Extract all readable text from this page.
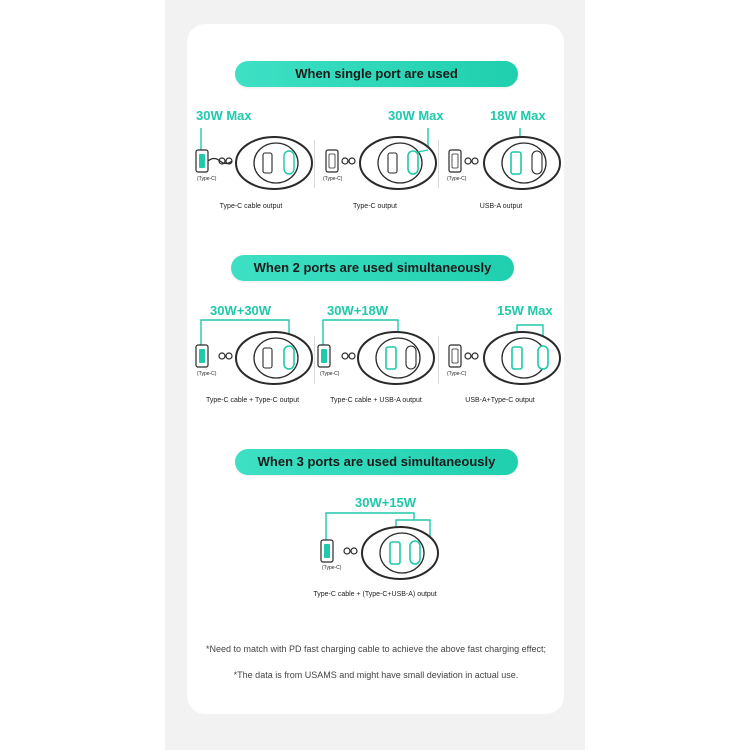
When single port are used
30W Max	30W Max	18W Max
(Type-C)	(Type-C)	(Type-C)
Type-C cable output	Type-C output	USB-A output
When 2 ports are used simultaneously
30W+30W	30W+18W	15W Max
(Type-C)	(Type-C)	(Type-C)
Type-C cable + Type-C output	Type-C cable + USB-A output	USB-A+Type-C output
When 3 ports are used simultaneously
30W+15W
(Type-C)
Type-C cable + (Type-C+USB-A) output
*Need to match with PD fast charging cable to achieve the above fast charging effect;
*The data is from USAMS and might have small deviation in actual use.
